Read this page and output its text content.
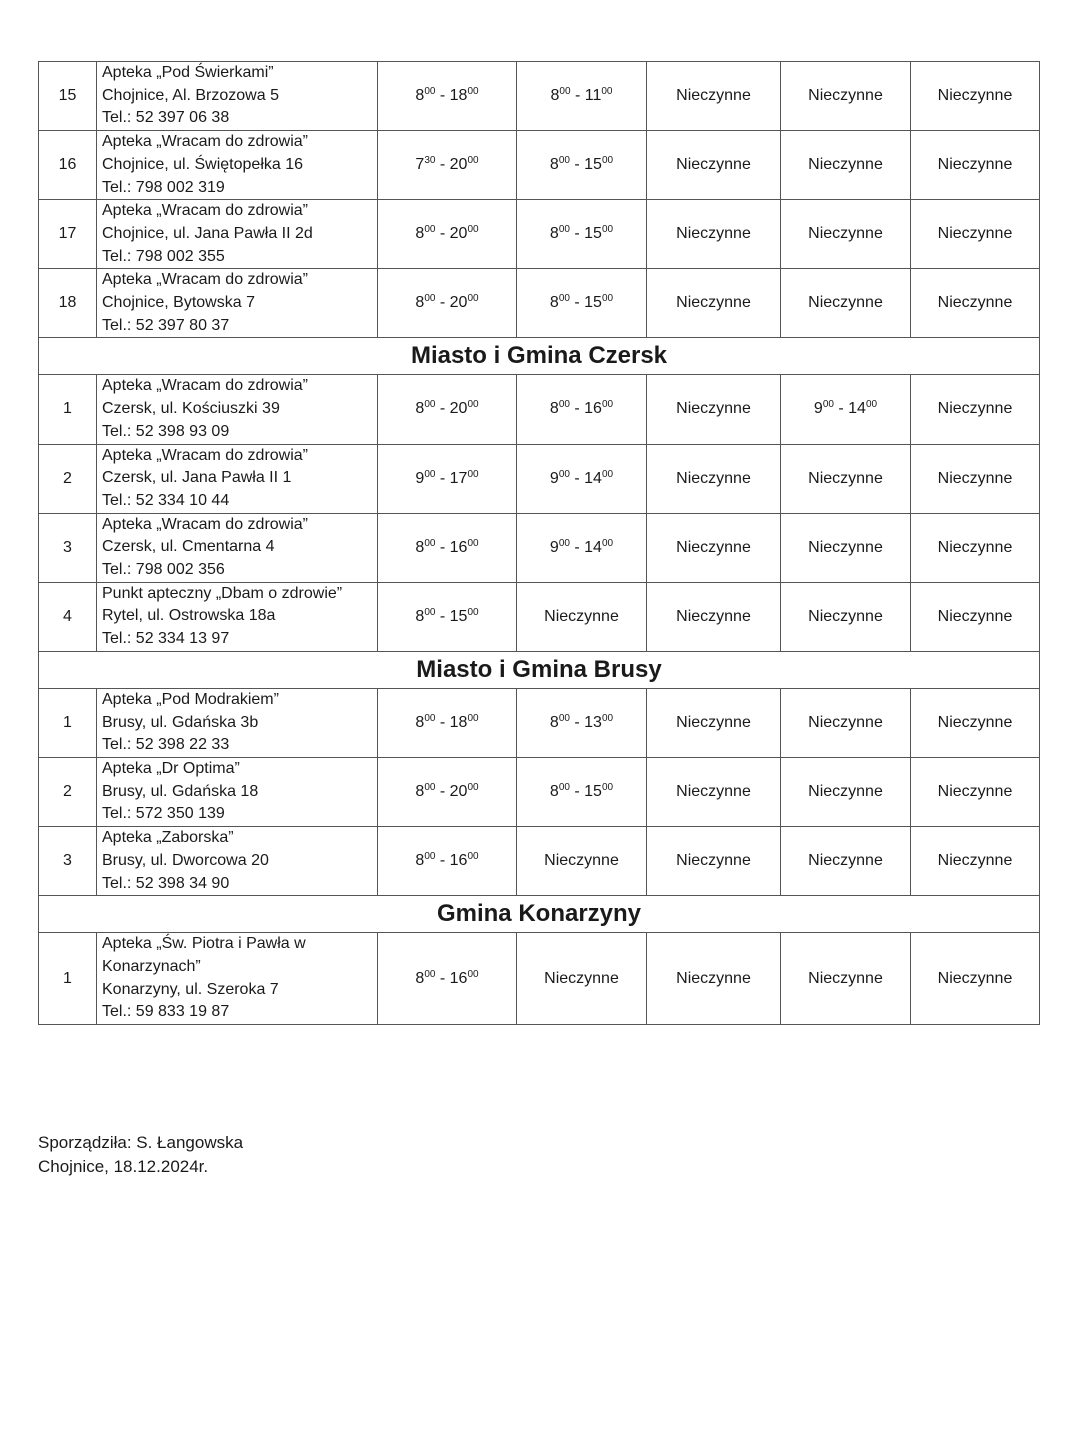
15	Apteka „Pod Świerkami”
Chojnice, Al. Brzozowa 5
Tel.: 52 397 06 38	$8^{00} - 18^{00}$	$8^{00} - 11^{00}$	Nieczynne	Nieczynne	Nieczynne
16	Apteka „Wracam do zdrowia”
Chojnice, ul. Świętopełka 16
Tel.: 798 002 319	$7^{30} - 20^{00}$	$8^{00} - 15^{00}$	Nieczynne	Nieczynne	Nieczynne
17	Apteka „Wracam do zdrowia”
Chojnice, ul. Jana Pawła II 2d
Tel.: 798 002 355	$8^{00} - 20^{00}$	$8^{00} - 15^{00}$	Nieczynne	Nieczynne	Nieczynne
18	Apteka „Wracam do zdrowia”
Chojnice, Bytowska 7
Tel.: 52 397 80 37	$8^{00} - 20^{00}$	$8^{00} - 15^{00}$	Nieczynne	Nieczynne	Nieczynne
Miasto i Gmina Czersk						
1	Apteka „Wracam do zdrowia”
Czersk, ul. Kościuszki 39
Tel.: 52 398 93 09	$8^{00} - 20^{00}$	$8^{00} - 16^{00}$	Nieczynne	$9^{00} - 14^{00}$	Nieczynne
2	Apteka „Wracam do zdrowia”
Czersk, ul. Jana Pawła II 1
Tel.: 52 334 10 44	$9^{00} - 17^{00}$	$9^{00} - 14^{00}$	Nieczynne	Nieczynne	Nieczynne
3	Apteka „Wracam do zdrowia”
Czersk, ul. Cmentarna 4
Tel.: 798 002 356	$8^{00} - 16^{00}$	$9^{00} - 14^{00}$	Nieczynne	Nieczynne	Nieczynne
4	Punkt apteczny „Dbam o zdrowie”
Rytel, ul. Ostrowska 18a
Tel.: 52 334 13 97	$8^{00} - 15^{00}$	Nieczynne	Nieczynne	Nieczynne	Nieczynne
Miasto i Gmina Brusy						
1	Apteka „Pod Modrakiem”
Brusy, ul. Gdańska 3b
Tel.: 52 398 22 33	$8^{00} - 18^{00}$	$8^{00} - 13^{00}$	Nieczynne	Nieczynne	Nieczynne
2	Apteka „Dr Optima”
Brusy, ul. Gdańska 18
Tel.: 572 350 139	$8^{00} - 20^{00}$	$8^{00} - 15^{00}$	Nieczynne	Nieczynne	Nieczynne
3	Apteka „Zaborska”
Brusy, ul. Dworcowa 20
Tel.: 52 398 34 90	$8^{00} - 16^{00}$	Nieczynne	Nieczynne	Nieczynne	Nieczynne
Gmina Konarzyny						
1	Apteka „Św. Piotra i Pawła w
Konarzynach”
Konarzyny, ul. Szeroka 7
Tel.: 59 833 19 87	$8^{00} - 16^{00}$	Nieczynne	Nieczynne	Nieczynne	Nieczynne
Sporządziła: S. Łangowska
Chojnice, 18.12.2024r.
